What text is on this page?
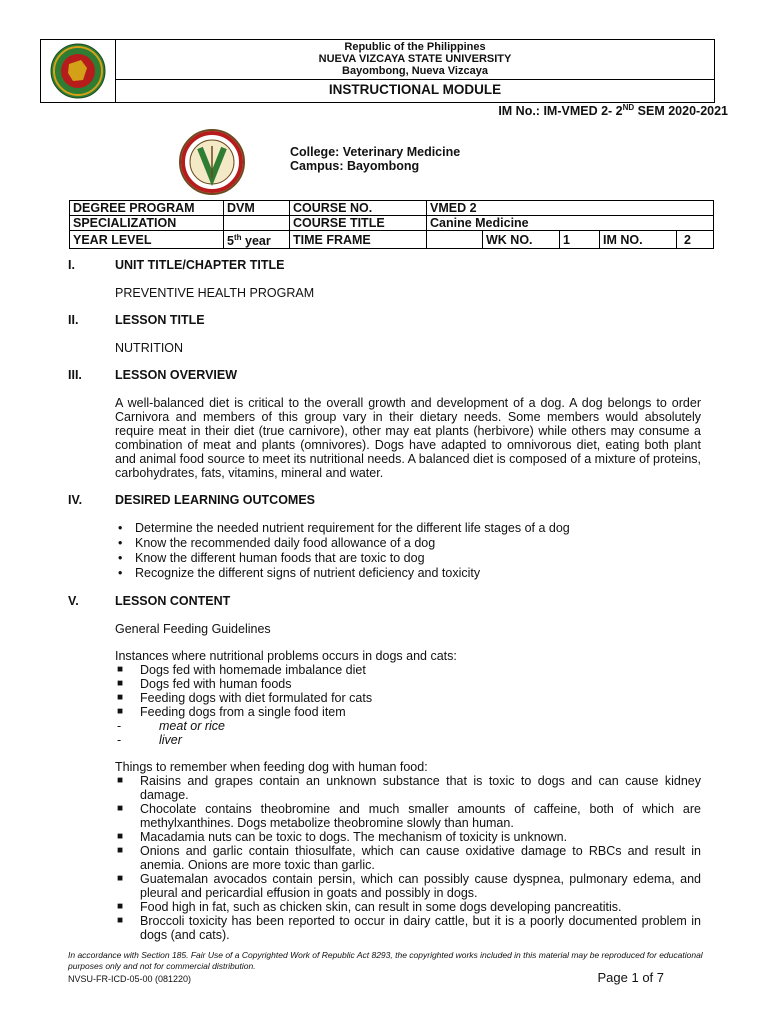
Republic of the Philippines
NUEVA VIZCAYA STATE UNIVERSITY
Bayombong, Nueva Vizcaya
INSTRUCTIONAL MODULE
IM No.: IM-VMED 2- 2ND SEM 2020-2021
College: Veterinary Medicine
Campus: Bayombong
DEGREE PROGRAM	DVM	COURSE NO.	VMED 2				
SPECIALIZATION		COURSE TITLE	Canine Medicine				
YEAR LEVEL	5th year	TIME FRAME		WK NO.	1	IM NO.	2
I.	UNIT TITLE/CHAPTER TITLE
PREVENTIVE HEALTH PROGRAM
II.	LESSON TITLE
NUTRITION
III.	LESSON OVERVIEW
A well-balanced diet is critical to the overall growth and development of a dog. A dog belongs to order Carnivora and members of this group vary in their dietary needs. Some members would absolutely require meat in their diet (true carnivore), other may eat plants (herbivore) while others may consume a combination of meat and plants (omnivores). Dogs have adapted to omnivorous diet, eating both plant and animal food source to meet its nutritional needs. A balanced diet is composed of a mixture of proteins, carbohydrates, fats, vitamins, mineral and water.
IV.	DESIRED LEARNING OUTCOMES
• Determine the needed nutrient requirement for the different life stages of a dog
• Know the recommended daily food allowance of a dog
• Know the different human foods that are toxic to dog
• Recognize the different signs of nutrient deficiency and toxicity
V.	LESSON CONTENT
General Feeding Guidelines
Instances where nutritional problems occurs in dogs and cats:
■ Dogs fed with homemade imbalance diet
■ Dogs fed with human foods
■ Feeding dogs with diet formulated for cats
■ Feeding dogs from a single food item
-	meat or rice
-	liver
Things to remember when feeding dog with human food:
■ Raisins and grapes contain an unknown substance that is toxic to dogs and can cause kidney damage.
■ Chocolate contains theobromine and much smaller amounts of caffeine, both of which are methylxanthines. Dogs metabolize theobromine slowly than human.
■ Macadamia nuts can be toxic to dogs. The mechanism of toxicity is unknown.
■ Onions and garlic contain thiosulfate, which can cause oxidative damage to RBCs and result in anemia. Onions are more toxic than garlic.
■ Guatemalan avocados contain persin, which can possibly cause dyspnea, pulmonary edema, and pleural and pericardial effusion in goats and possibly in dogs.
■ Food high in fat, such as chicken skin, can result in some dogs developing pancreatitis.
■ Broccoli toxicity has been reported to occur in dairy cattle, but it is a poorly documented problem in dogs (and cats).
In accordance with Section 185. Fair Use of a Copyrighted Work of Republic Act 8293, the copyrighted works included in this material may be reproduced for educational purposes only and not for commercial distribution.
NVSU-FR-ICD-05-00 (081220)	Page 1 of 7
